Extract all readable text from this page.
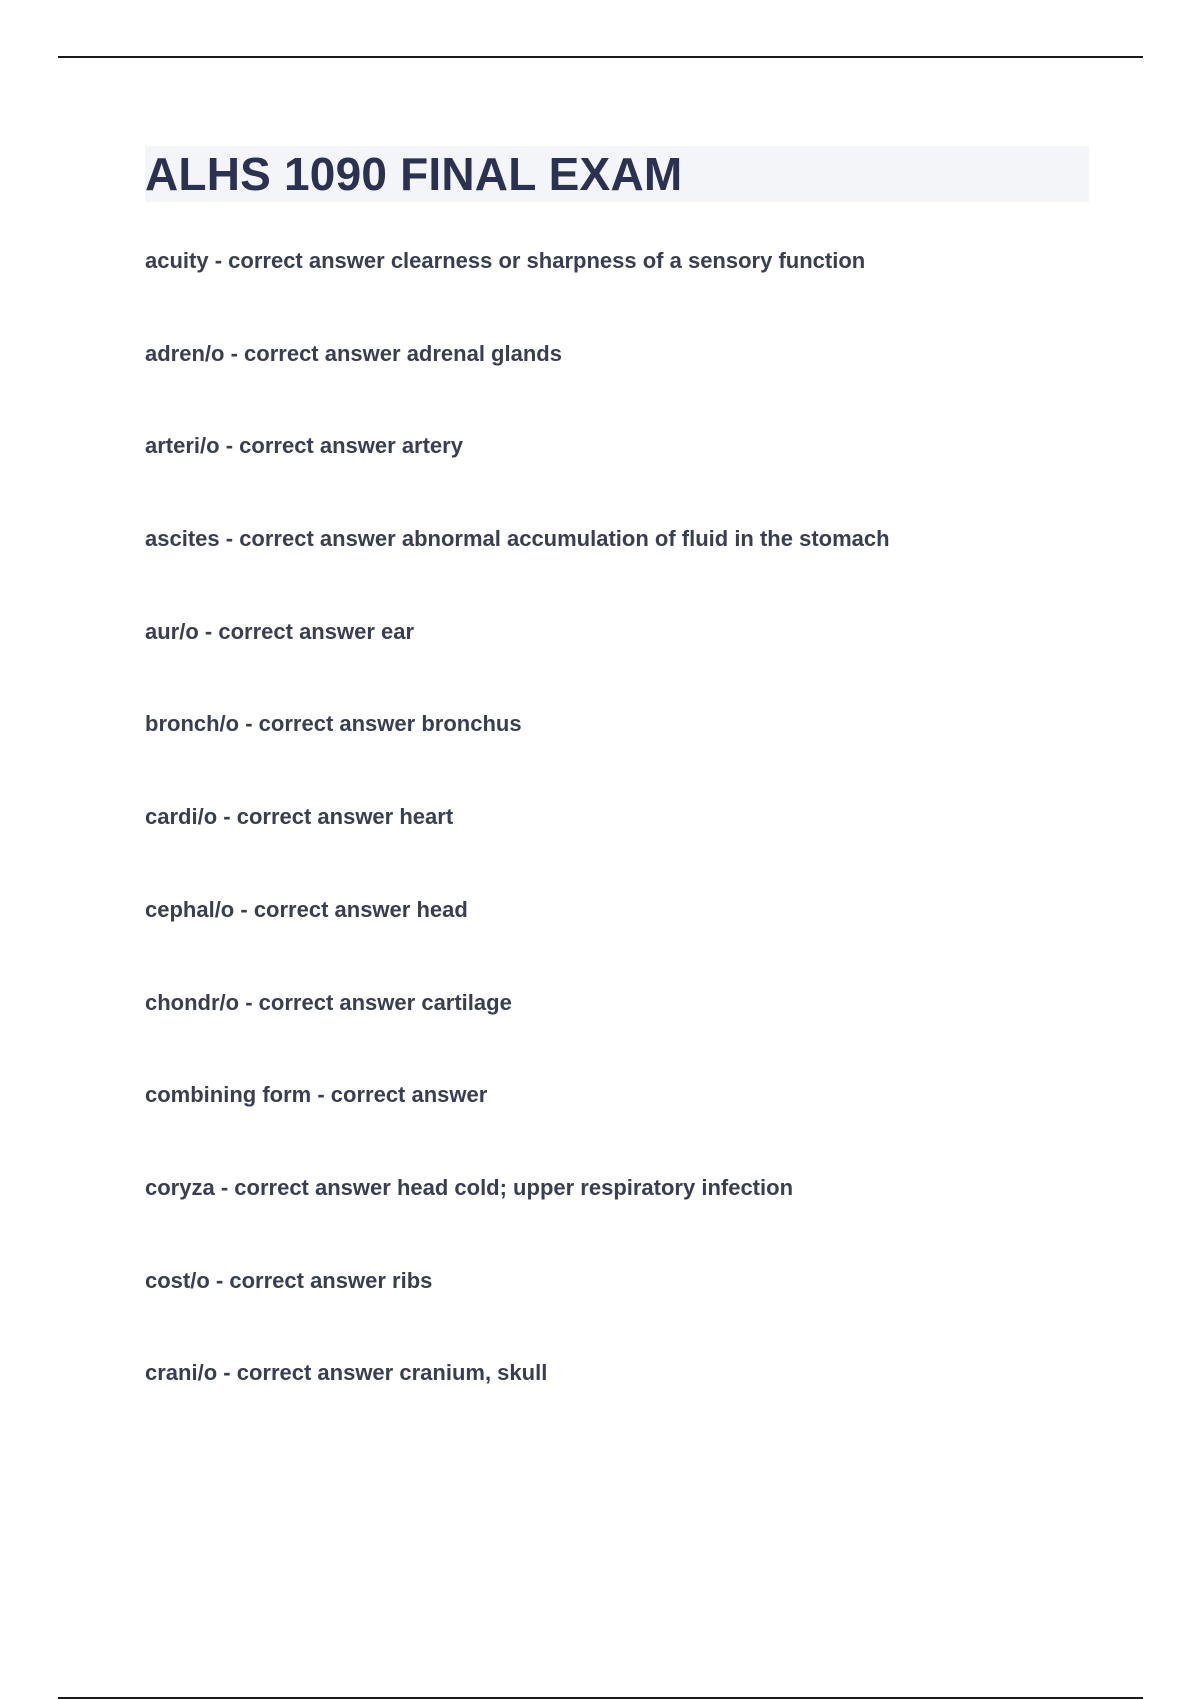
ALHS 1090 FINAL EXAM
acuity - correct answer clearness or sharpness of a sensory function
adren/o - correct answer adrenal glands
arteri/o - correct answer artery
ascites - correct answer abnormal accumulation of fluid in the stomach
aur/o - correct answer ear
bronch/o - correct answer bronchus
cardi/o - correct answer heart
cephal/o - correct answer head
chondr/o - correct answer cartilage
combining form - correct answer
coryza - correct answer head cold; upper respiratory infection
cost/o - correct answer ribs
crani/o - correct answer cranium, skull
